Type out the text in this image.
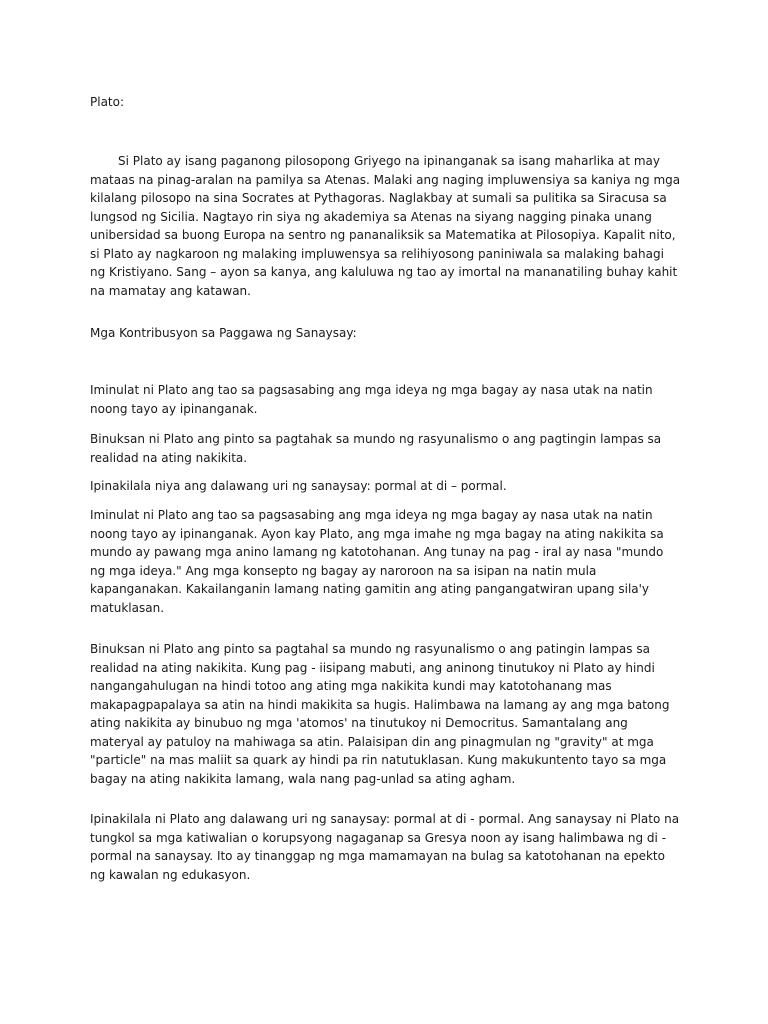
Plato:

Si Plato ay isang paganong pilosopong Griyego na ipinanganak sa isang maharlika at may mataas na pinag-aralan na pamilya sa Atenas. Malaki ang naging impluwensiya sa kaniya ng mga kilalang pilosopo na sina Socrates at Pythagoras. Naglakbay at sumali sa pulitika sa Siracusa sa lungsod ng Sicilia. Nagtayo rin siya ng akademiya sa Atenas na siyang nagging pinaka unang unibersidad sa buong Europa na sentro ng pananaliksik sa Matematika at Pilosopiya. Kapalit nito, si Plato ay nagkaroon ng malaking impluwensya sa relihiyosong paniniwala sa malaking bahagi ng Kristiyano. Sang – ayon sa kanya, ang kaluluwa ng tao ay imortal na mananatiling buhay kahit na mamatay ang katawan.

Mga Kontribusyon sa Paggawa ng Sanaysay:

Iminulat ni Plato ang tao sa pagsasabing ang mga ideya ng mga bagay ay nasa utak na natin noong tayo ay ipinanganak.

Binuksan ni Plato ang pinto sa pagtahak sa mundo ng rasyunalismo o ang pagtingin lampas sa realidad na ating nakikita.

Ipinakilala niya ang dalawang uri ng sanaysay: pormal at di – pormal.

Iminulat ni Plato ang tao sa pagsasabing ang mga ideya ng mga bagay ay nasa utak na natin noong tayo ay ipinanganak. Ayon kay Plato, ang mga imahe ng mga bagay na ating nakikita sa mundo ay pawang mga anino lamang ng katotohanan. Ang tunay na pag - iral ay nasa "mundo ng mga ideya." Ang mga konsepto ng bagay ay naroroon na sa isipan na natin mula kapanganakan. Kakailanganin lamang nating gamitin ang ating pangangatwiran upang sila'y matuklasan.

Binuksan ni Plato ang pinto sa pagtahal sa mundo ng rasyunalismo o ang patingin lampas sa realidad na ating nakikita. Kung pag - iisipang mabuti, ang aninong tinutukoy ni Plato ay hindi nangangahulugan na hindi totoo ang ating mga nakikita kundi may katotohanang mas makapagpapalaya sa atin na hindi makikita sa hugis. Halimbawa na lamang ay ang mga batong ating nakikita ay binubuo ng mga 'atomos' na tinutukoy ni Democritus. Samantalang ang materyal ay patuloy na mahiwaga sa atin. Palaisipan din ang pinagmulan ng "gravity" at mga "particle" na mas maliit sa quark ay hindi pa rin natutuklasan. Kung makukuntento tayo sa mga bagay na ating nakikita lamang, wala nang pag-unlad sa ating agham.

Ipinakilala ni Plato ang dalawang uri ng sanaysay: pormal at di - pormal. Ang sanaysay ni Plato na tungkol sa mga katiwalian o korupsyong nagaganap sa Gresya noon ay isang halimbawa ng di - pormal na sanaysay. Ito ay tinanggap ng mga mamamayan na bulag sa katotohanan na epekto ng kawalan ng edukasyon.
